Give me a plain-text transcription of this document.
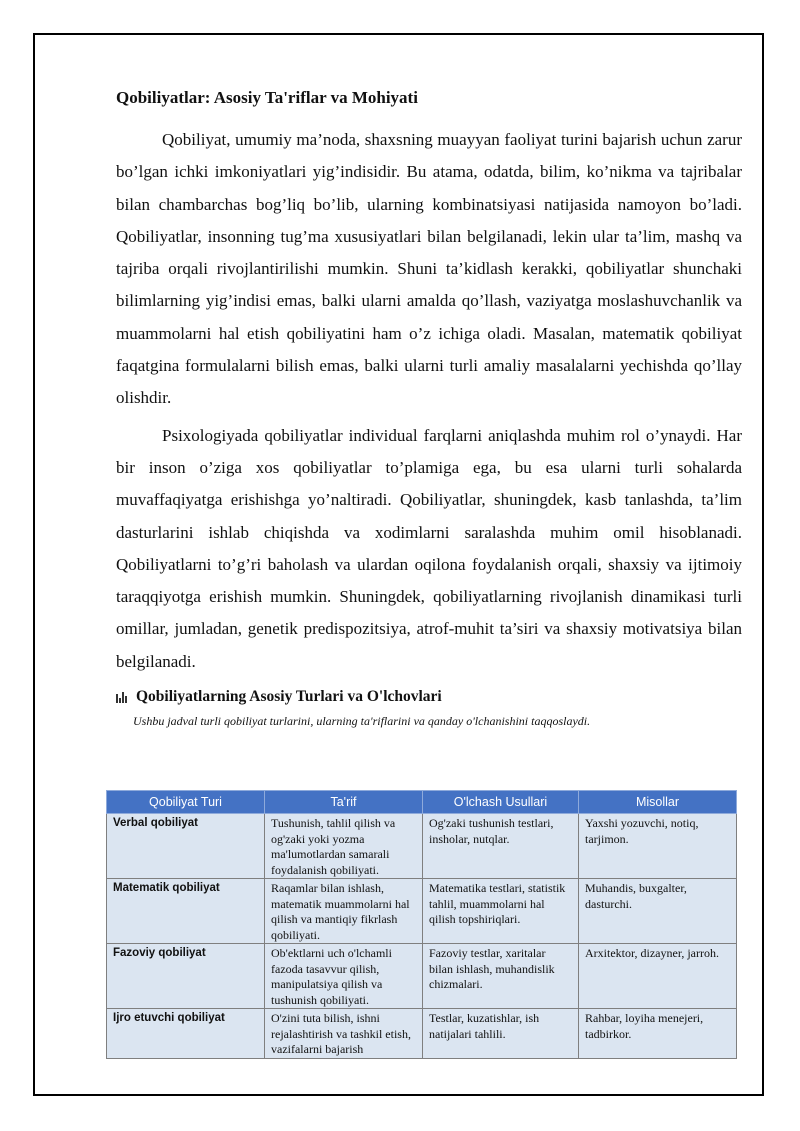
Qobiliyatlar: Asosiy Ta'riflar va Mohiyati

Qobiliyat, umumiy ma’noda, shaxsning muayyan faoliyat turini bajarish uchun zarur bo’lgan ichki imkoniyatlari yig’indisidir. Bu atama, odatda, bilim, ko’nikma va tajribalar bilan chambarchas bog’liq bo’lib, ularning kombinatsiyasi natijasida namoyon bo’ladi. Qobiliyatlar, insonning tug’ma xususiyatlari bilan belgilanadi, lekin ular ta’lim, mashq va tajriba orqali rivojlantirilishi mumkin. Shuni ta’kidlash kerakki, qobiliyatlar shunchaki bilimlarning yig’indisi emas, balki ularni amalda qo’llash, vaziyatga moslashuvchanlik va muammolarni hal etish qobiliyatini ham o’z ichiga oladi. Masalan, matematik qobiliyat faqatgina formulalarni bilish emas, balki ularni turli amaliy masalalarni yechishda qo’llay olishdir.

Psixologiyada qobiliyatlar individual farqlarni aniqlashda muhim rol o’ynaydi. Har bir inson o’ziga xos qobiliyatlar to’plamiga ega, bu esa ularni turli sohalarda muvaffaqiyatga erishishga yo’naltiradi. Qobiliyatlar, shuningdek, kasb tanlashda, ta’lim dasturlarini ishlab chiqishda va xodimlarni saralashda muhim omil hisoblanadi. Qobiliyatlarni to’g’ri baholash va ulardan oqilona foydalanish orqali, shaxsiy va ijtimoiy taraqqiyotga erishish mumkin. Shuningdek, qobiliyatlarning rivojlanish dinamikasi turli omillar, jumladan, genetik predispozitsiya, atrof-muhit ta’siri va shaxsiy motivatsiya bilan belgilanadi.

Qobiliyatlarning Asosiy Turlari va O'lchovlari
Ushbu jadval turli qobiliyat turlarini, ularning ta'riflarini va qanday o'lchanishini taqqoslaydi.
Qobiliyat Turi	Ta'rif	O'lchash Usullari	Misollar
Verbal qobiliyat	Tushunish, tahlil qilish va og'zaki yoki yozma ma'lumotlardan samarali foydalanish qobiliyati.	Og'zaki tushunish testlari, insholar, nutqlar.	Yaxshi yozuvchi, notiq, tarjimon.
Matematik qobiliyat	Raqamlar bilan ishlash, matematik muammolarni hal qilish va mantiqiy fikrlash qobiliyati.	Matematika testlari, statistik tahlil, muammolarni hal qilish topshiriqlari.	Muhandis, buxgalter, dasturchi.
Fazoviy qobiliyat	Ob'ektlarni uch o'lchamli fazoda tasavvur qilish, manipulatsiya qilish va tushunish qobiliyati.	Fazoviy testlar, xaritalar bilan ishlash, muhandislik chizmalari.	Arxitektor, dizayner, jarroh.
Ijro etuvchi qobiliyat	O'zini tuta bilish, ishni rejalashtirish va tashkil etish, vazifalarni bajarish	Testlar, kuzatishlar, ish natijalari tahlili.	Rahbar, loyiha menejeri, tadbirkor.
